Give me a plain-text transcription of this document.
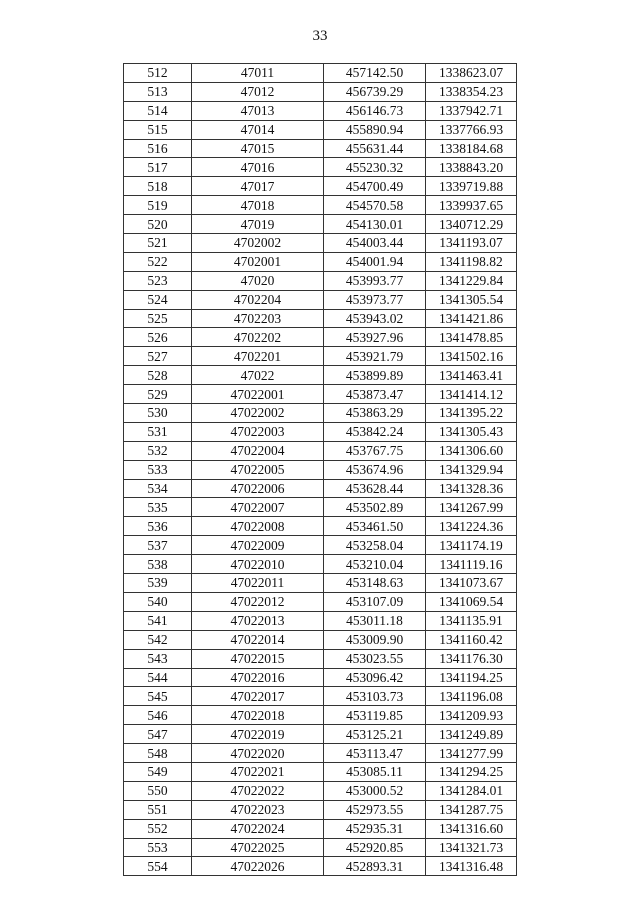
33
512	47011	457142.50	1338623.07
513	47012	456739.29	1338354.23
514	47013	456146.73	1337942.71
515	47014	455890.94	1337766.93
516	47015	455631.44	1338184.68
517	47016	455230.32	1338843.20
518	47017	454700.49	1339719.88
519	47018	454570.58	1339937.65
520	47019	454130.01	1340712.29
521	4702002	454003.44	1341193.07
522	4702001	454001.94	1341198.82
523	47020	453993.77	1341229.84
524	4702204	453973.77	1341305.54
525	4702203	453943.02	1341421.86
526	4702202	453927.96	1341478.85
527	4702201	453921.79	1341502.16
528	47022	453899.89	1341463.41
529	47022001	453873.47	1341414.12
530	47022002	453863.29	1341395.22
531	47022003	453842.24	1341305.43
532	47022004	453767.75	1341306.60
533	47022005	453674.96	1341329.94
534	47022006	453628.44	1341328.36
535	47022007	453502.89	1341267.99
536	47022008	453461.50	1341224.36
537	47022009	453258.04	1341174.19
538	47022010	453210.04	1341119.16
539	47022011	453148.63	1341073.67
540	47022012	453107.09	1341069.54
541	47022013	453011.18	1341135.91
542	47022014	453009.90	1341160.42
543	47022015	453023.55	1341176.30
544	47022016	453096.42	1341194.25
545	47022017	453103.73	1341196.08
546	47022018	453119.85	1341209.93
547	47022019	453125.21	1341249.89
548	47022020	453113.47	1341277.99
549	47022021	453085.11	1341294.25
550	47022022	453000.52	1341284.01
551	47022023	452973.55	1341287.75
552	47022024	452935.31	1341316.60
553	47022025	452920.85	1341321.73
554	47022026	452893.31	1341316.48
